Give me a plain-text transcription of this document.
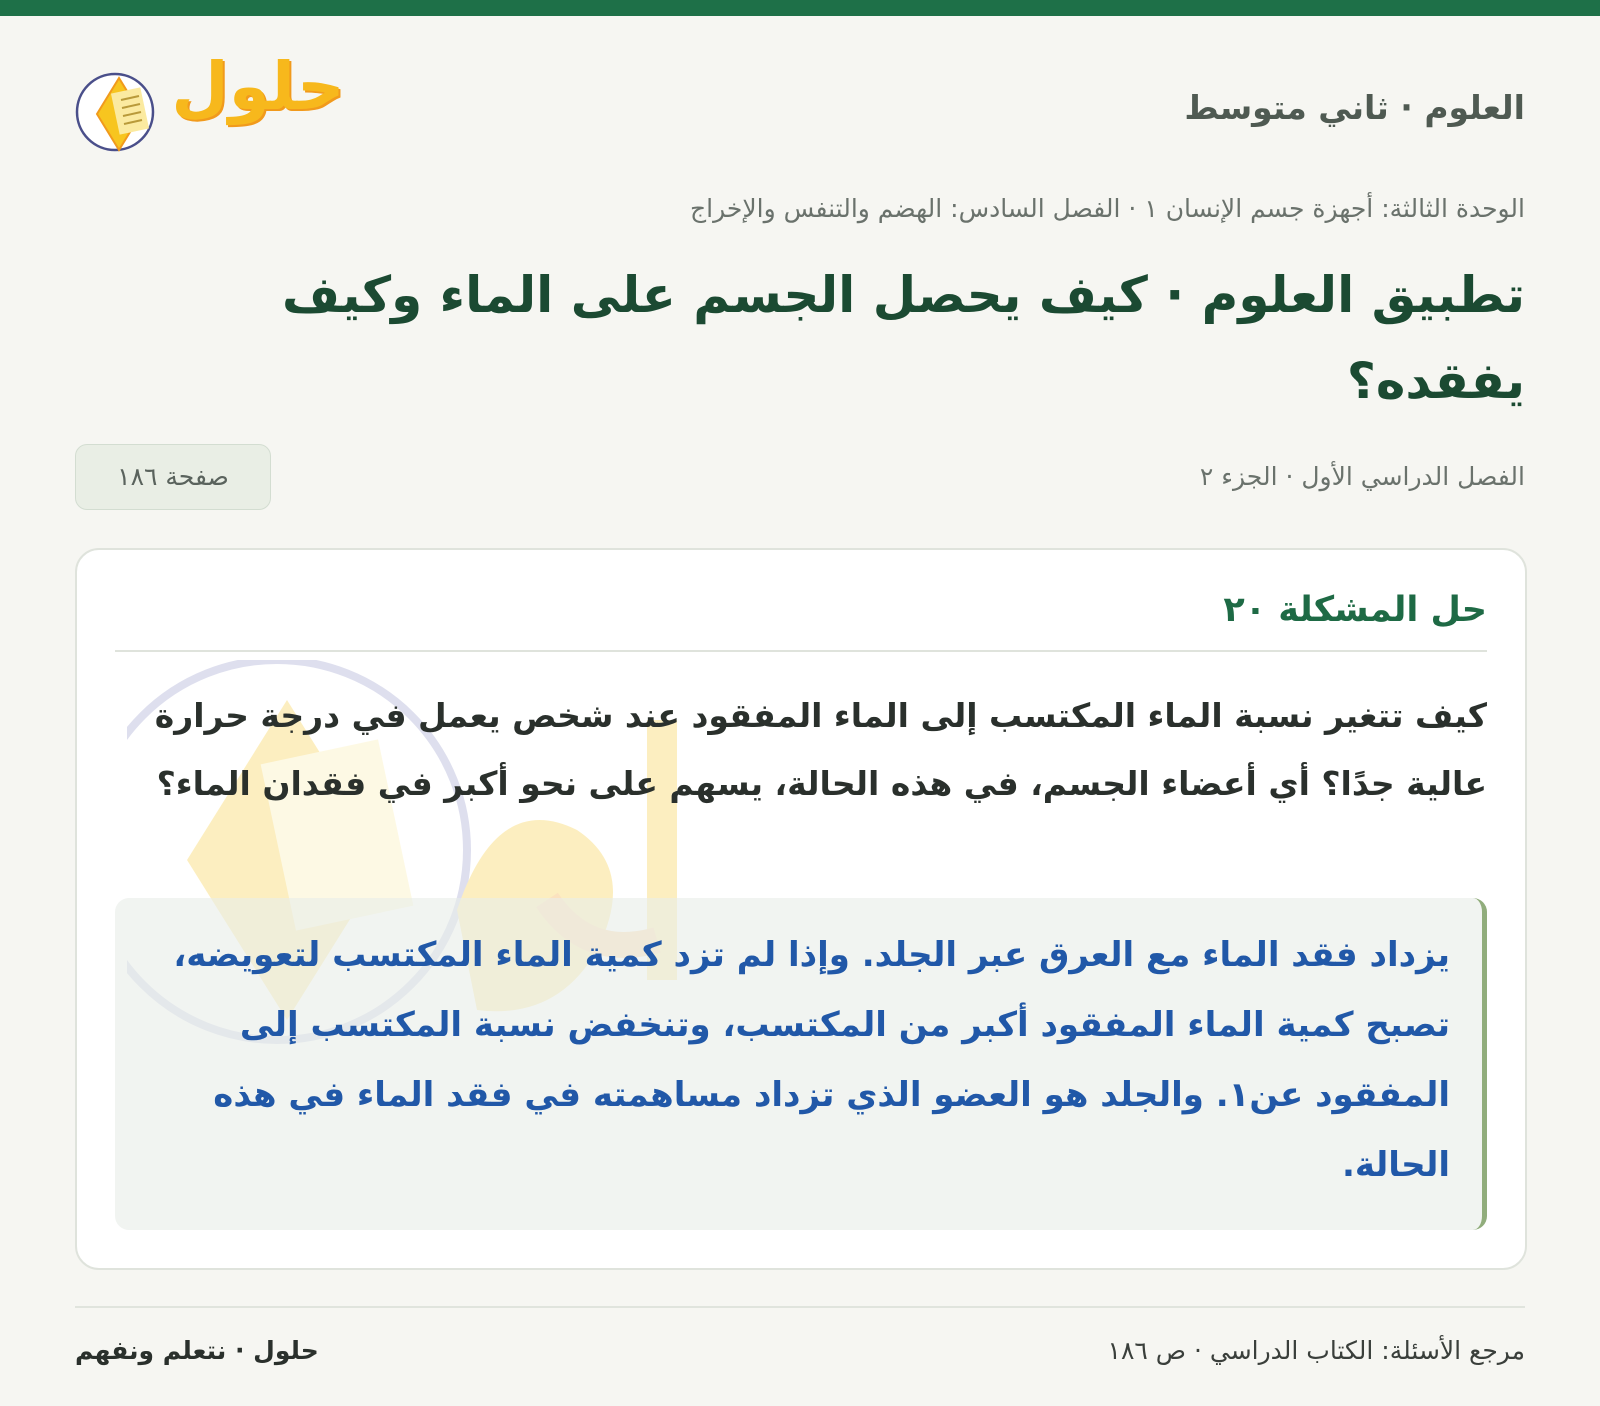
العلوم · ثاني متوسط
حلول
الوحدة الثالثة: أجهزة جسم الإنسان ١ · الفصل السادس: الهضم والتنفس والإخراج
تطبيق العلوم · كيف يحصل الجسم على الماء وكيف يفقده؟
الفصل الدراسي الأول · الجزء ٢
صفحة ١٨٦
حل المشكلة ٢٠
كيف تتغير نسبة الماء المكتسب إلى الماء المفقود عند شخص يعمل في درجة حرارة عالية جدًا؟ أي أعضاء الجسم، في هذه الحالة، يسهم على نحو أكبر في فقدان الماء؟
يزداد فقد الماء مع العرق عبر الجلد. وإذا لم تزد كمية الماء المكتسب لتعويضه، تصبح كمية الماء المفقود أكبر من المكتسب، وتنخفض نسبة المكتسب إلى المفقود عن١. والجلد هو العضو الذي تزداد مساهمته في فقد الماء في هذه الحالة.
مرجع الأسئلة: الكتاب الدراسي · ص ١٨٦
حلول · نتعلم ونفهم
